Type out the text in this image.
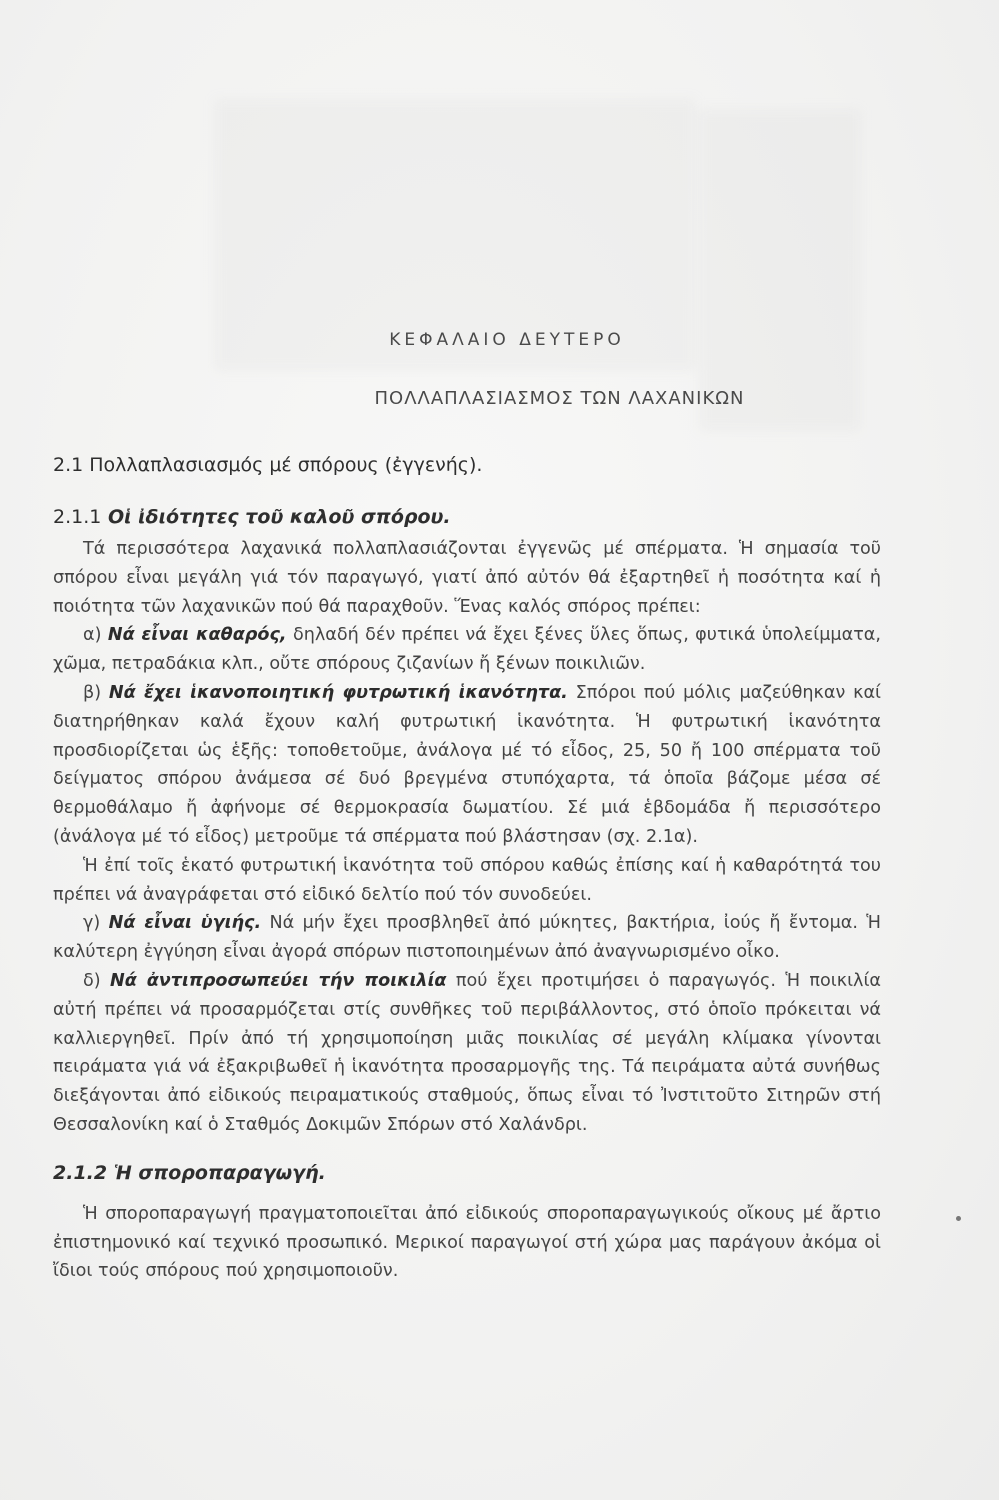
ΚΕΦΑΛΑΙΟ ΔΕΥΤΕΡΟ
ΠΟΛΛΑΠΛΑΣΙΑΣΜΟΣ ΤΩΝ ΛΑΧΑΝΙΚΩΝ
2.1 Πολλαπλασιασμός μέ σπόρους (ἐγγενής).
2.1.1 Οἱ ἰδιότητες τοῦ καλοῦ σπόρου.

Τά περισσότερα λαχανικά πολλαπλασιάζονται ἐγγενῶς μέ σπέρματα. Ἡ σημασία τοῦ σπόρου εἶναι μεγάλη γιά τόν παραγωγό, γιατί ἀπό αὐτόν θά ἐξαρτηθεῖ ἡ ποσότητα καί ἡ ποιότητα τῶν λαχανικῶν πού θά παραχθοῦν. Ἕνας καλός σπόρος πρέπει:

α) Νά εἶναι καθαρός, δηλαδή δέν πρέπει νά ἔχει ξένες ὕλες ὅπως, φυτικά ὑπολείμματα, χῶμα, πετραδάκια κλπ., οὔτε σπόρους ζιζανίων ἤ ξένων ποικιλιῶν.

β) Νά ἔχει ἱκανοποιητική φυτρωτική ἱκανότητα. Σπόροι πού μόλις μαζεύθηκαν καί διατηρήθηκαν καλά ἔχουν καλή φυτρωτική ἱκανότητα. Ἡ φυτρωτική ἱκανότητα προσδιορίζεται ὡς ἑξῆς: τοποθετοῦμε, ἀνάλογα μέ τό εἶδος, 25, 50 ἤ 100 σπέρματα τοῦ δείγματος σπόρου ἀνάμεσα σέ δυό βρεγμένα στυπόχαρτα, τά ὁποῖα βάζομε μέσα σέ θερμοθάλαμο ἤ ἀφήνομε σέ θερμοκρασία δωματίου. Σέ μιά ἑβδομάδα ἤ περισσότερο (ἀνάλογα μέ τό εἶδος) μετροῦμε τά σπέρματα πού βλάστησαν (σχ. 2.1α).

Ἡ ἐπί τοῖς ἑκατό φυτρωτική ἱκανότητα τοῦ σπόρου καθώς ἐπίσης καί ἡ καθαρότητά του πρέπει νά ἀναγράφεται στό εἰδικό δελτίο πού τόν συνοδεύει.

γ) Νά εἶναι ὑγιής. Νά μήν ἔχει προσβληθεῖ ἀπό μύκητες, βακτήρια, ἰούς ἤ ἔντομα. Ἡ καλύτερη ἐγγύηση εἶναι ἀγορά σπόρων πιστοποιημένων ἀπό ἀναγνωρισμένο οἶκο.

δ) Νά ἀντιπροσωπεύει τήν ποικιλία πού ἔχει προτιμήσει ὁ παραγωγός. Ἡ ποικιλία αὐτή πρέπει νά προσαρμόζεται στίς συνθῆκες τοῦ περιβάλλοντος, στό ὁποῖο πρόκειται νά καλλιεργηθεῖ. Πρίν ἀπό τή χρησιμοποίηση μιᾶς ποικιλίας σέ μεγάλη κλίμακα γίνονται πειράματα γιά νά ἐξακριβωθεῖ ἡ ἱκανότητα προσαρμογῆς της. Τά πειράματα αὐτά συνήθως διεξάγονται ἀπό εἰδικούς πειραματικούς σταθμούς, ὅπως εἶναι τό Ἰνστιτοῦτο Σιτηρῶν στή Θεσσαλονίκη καί ὁ Σταθμός Δοκιμῶν Σπόρων στό Χαλάνδρι.

2.1.2 Ἡ σποροπαραγωγή.

Ἡ σποροπαραγωγή πραγματοποιεῖται ἀπό εἰδικούς σποροπαραγωγικούς οἴκους μέ ἄρτιο ἐπιστημονικό καί τεχνικό προσωπικό. Μερικοί παραγωγοί στή χώρα μας παράγουν ἀκόμα οἱ ἴδιοι τούς σπόρους πού χρησιμοποιοῦν.
